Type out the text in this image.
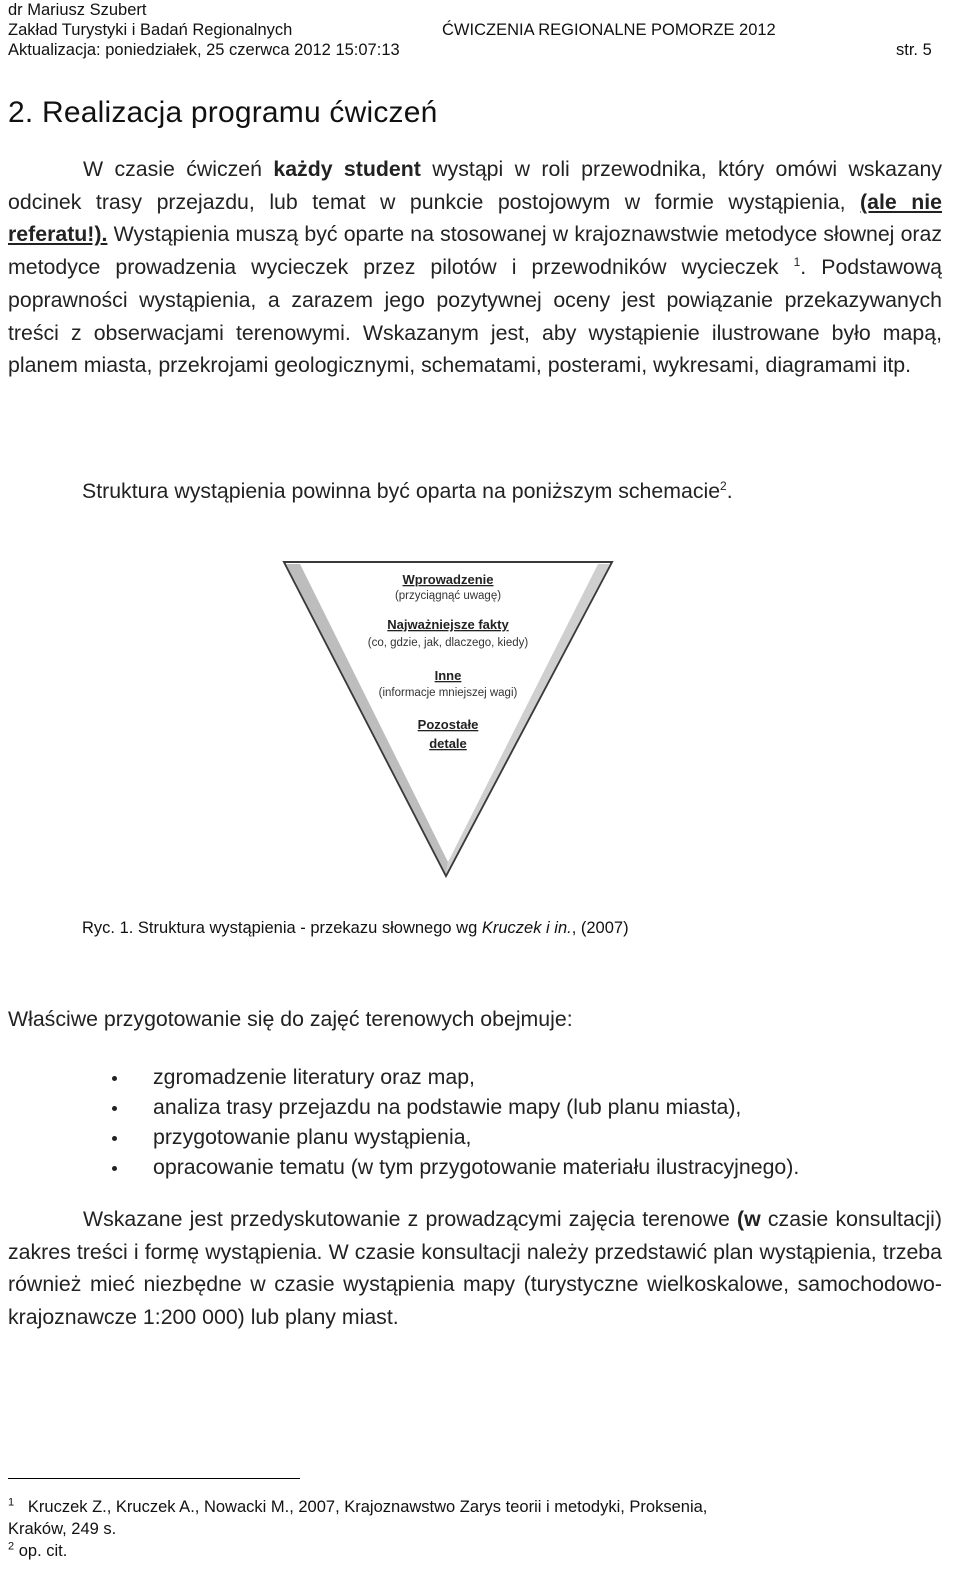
dr Mariusz Szubert
Zakład Turystyki i Badań Regionalnych	ĆWICZENIA REGIONALNE POMORZE 2012
Aktualizacja: poniedziałek, 25 czerwca 2012 15:07:13	str. 5
2. Realizacja programu ćwiczeń

W czasie ćwiczeń każdy student wystąpi w roli przewodnika, który omówi wskazany odcinek trasy przejazdu, lub temat w punkcie postojowym w formie wystąpienia, (ale nie referatu!). Wystąpienia muszą być oparte na stosowanej w krajoznawstwie metodyce słownej oraz metodyce prowadzenia wycieczek przez pilotów i przewodników wycieczek $^1$. Podstawową poprawności wystąpienia, a zarazem jego pozytywnej oceny jest powiązanie przekazywanych treści z obserwacjami terenowymi. Wskazanym jest, aby wystąpienie ilustrowane było mapą, planem miasta, przekrojami geologicznymi, schematami, posterami, wykresami, diagramami itp.

Struktura wystąpienia powinna być oparta na poniższym schemacie$^2$.
Wprowadzenie
(przyciągnąć uwagę)
Najważniejsze fakty
(co, gdzie, jak, dlaczego, kiedy)
Inne
(informacje mniejszej wagi)
Pozostałe
detale
Ryc. 1. Struktura wystąpienia - przekazu słownego wg Kruczek i in., (2007)
Właściwe przygotowanie się do zajęć terenowych obejmuje:
zgromadzenie literatury oraz map,
analiza trasy przejazdu na podstawie mapy (lub planu miasta),
przygotowanie planu wystąpienia,
opracowanie tematu (w tym przygotowanie materiału ilustracyjnego).

Wskazane jest przedyskutowanie z prowadzącymi zajęcia terenowe (w czasie konsultacji) zakres treści i formę wystąpienia. W czasie konsultacji należy przedstawić plan wystąpienia, trzeba również mieć niezbędne w czasie wystąpienia mapy (turystyczne wielkoskalowe, samochodowo-krajoznawcze 1:200 000) lub plany miast.

$^1$ Kruczek Z., Kruczek A., Nowacki M., 2007, Krajoznawstwo Zarys teorii i metodyki, Proksenia,
Kraków, 249 s.
$^2$ op. cit.
